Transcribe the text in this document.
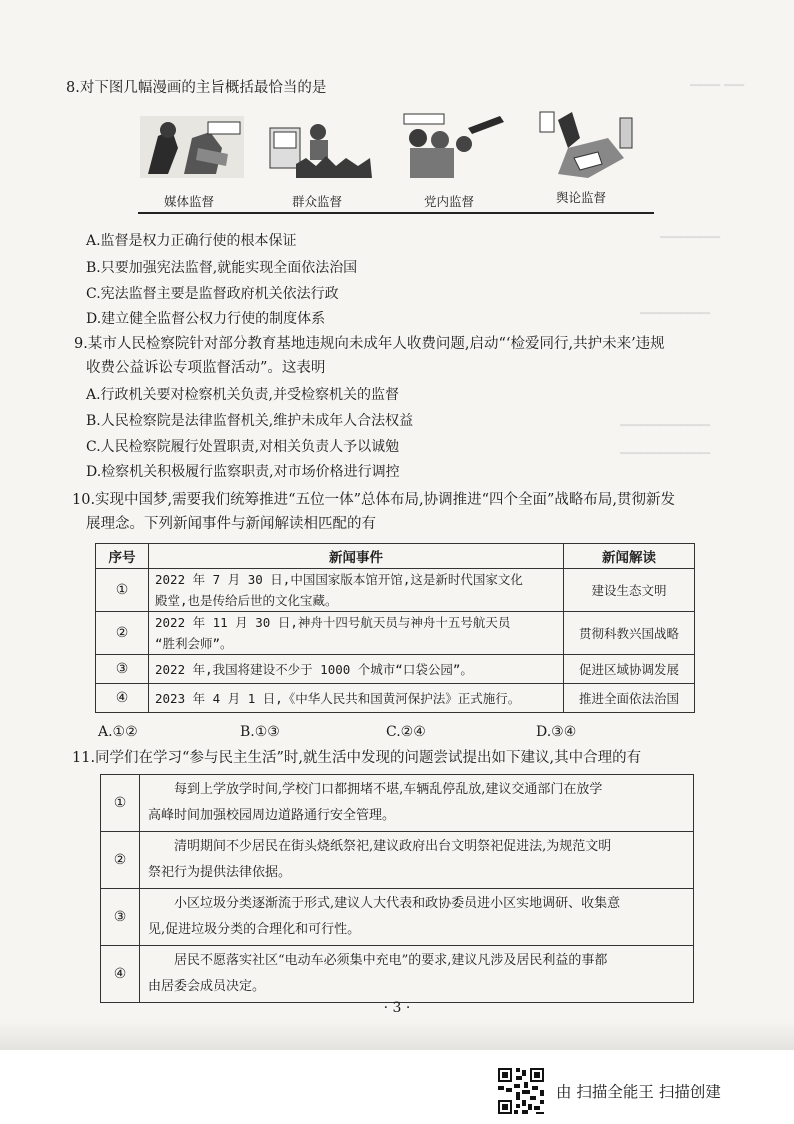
▁▁▁ ▁▁
▁▁▁▁▁▁
▁▁▁▁▁▁▁
▁▁▁▁▁▁▁▁▁
▁▁▁▁▁▁▁▁▁
8.对下图几幅漫画的主旨概括最恰当的是
媒体监督	群众监督	党内监督	舆论监督
A.监督是权力正确行使的根本保证
B.只要加强宪法监督,就能实现全面依法治国
C.宪法监督主要是监督政府机关依法行政
D.建立健全监督公权力行使的制度体系
9.某市人民检察院针对部分教育基地违规向未成年人收费问题,启动“‘检爱同行,共护未来’违规
收费公益诉讼专项监督活动”。这表明
A.行政机关要对检察机关负责,并受检察机关的监督
B.人民检察院是法律监督机关,维护未成年人合法权益
C.人民检察院履行处置职责,对相关负责人予以诚勉
D.检察机关积极履行监察职责,对市场价格进行调控
10.实现中国梦,需要我们统筹推进“五位一体”总体布局,协调推进“四个全面”战略布局,贯彻新发
展理念。下列新闻事件与新闻解读相匹配的有
序号	新闻事件	新闻解读
①	2022 年 7 月 30 日,中国国家版本馆开馆,这是新时代国家文化
殿堂,也是传给后世的文化宝藏。	建设生态文明
②	2022 年 11 月 30 日,神舟十四号航天员与神舟十五号航天员
“胜利会师”。	贯彻科教兴国战略
③	2022 年,我国将建设不少于 1000 个城市“口袋公园”。	促进区域协调发展
④	2023 年 4 月 1 日,《中华人民共和国黄河保护法》正式施行。	推进全面依法治国
A.①②	B.①③	C.②④	D.③④
11.同学们在学习“参与民主生活”时,就生活中发现的问题尝试提出如下建议,其中合理的有
①	每到上学放学时间,学校门口都拥堵不堪,车辆乱停乱放,建议交通部门在放学
高峰时间加强校园周边道路通行安全管理。

②	清明期间不少居民在街头烧纸祭祀,建议政府出台文明祭祀促进法,为规范文明
祭祀行为提供法律依据。

③	小区垃圾分类逐渐流于形式,建议人大代表和政协委员进小区实地调研、收集意
见,促进垃圾分类的合理化和可行性。

④	居民不愿落实社区“电动车必须集中充电”的要求,建议凡涉及居民利益的事都
由居委会成员决定。
· 3 ·
由 扫描全能王 扫描创建
